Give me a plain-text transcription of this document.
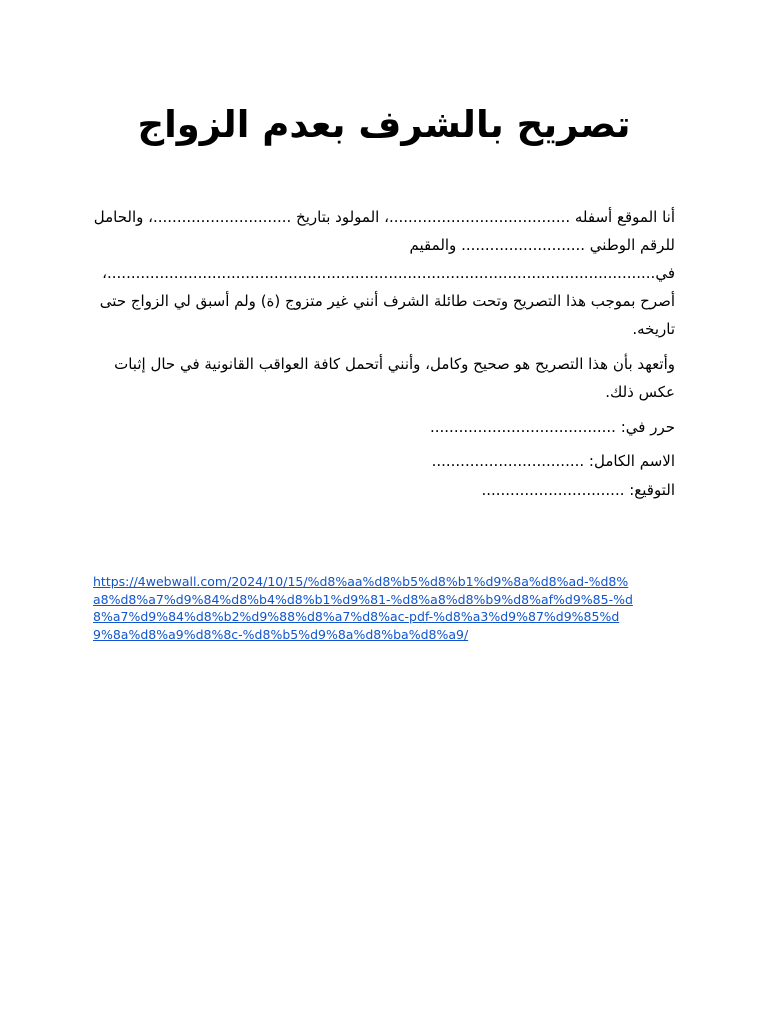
تصريح بالشرف بعدم الزواج

أنا الموقع أسفله ......................................، المولود بتاريخ .............................، والحامل للرقم الوطني .......................... والمقيم في...................................................................................................................، أصرح بموجب هذا التصريح وتحت طائلة الشرف أنني غير متزوج (ة) ولم أسبق لي الزواج حتى تاريخه.

وأتعهد بأن هذا التصريح هو صحيح وكامل، وأنني أتحمل كافة العواقب القانونية في حال إثبات عكس ذلك.

حرر في: .......................................
الاسم الكامل: ................................
التوقيع: ..............................
https://4webwall.com/2024/10/15/%d8%aa%d8%b5%d8%b1%d9%8a%d8%ad-%d8%a8%d8%a7%d9%84%d8%b4%d8%b1%d9%81-%d8%a8%d8%b9%d8%af%d9%85-%d8%a7%d9%84%d8%b2%d9%88%d8%a7%d8%ac-pdf-%d8%a3%d9%87%d9%85%d9%8a%d8%a9%d8%8c-%d8%b5%d9%8a%d8%ba%d8%a9/
